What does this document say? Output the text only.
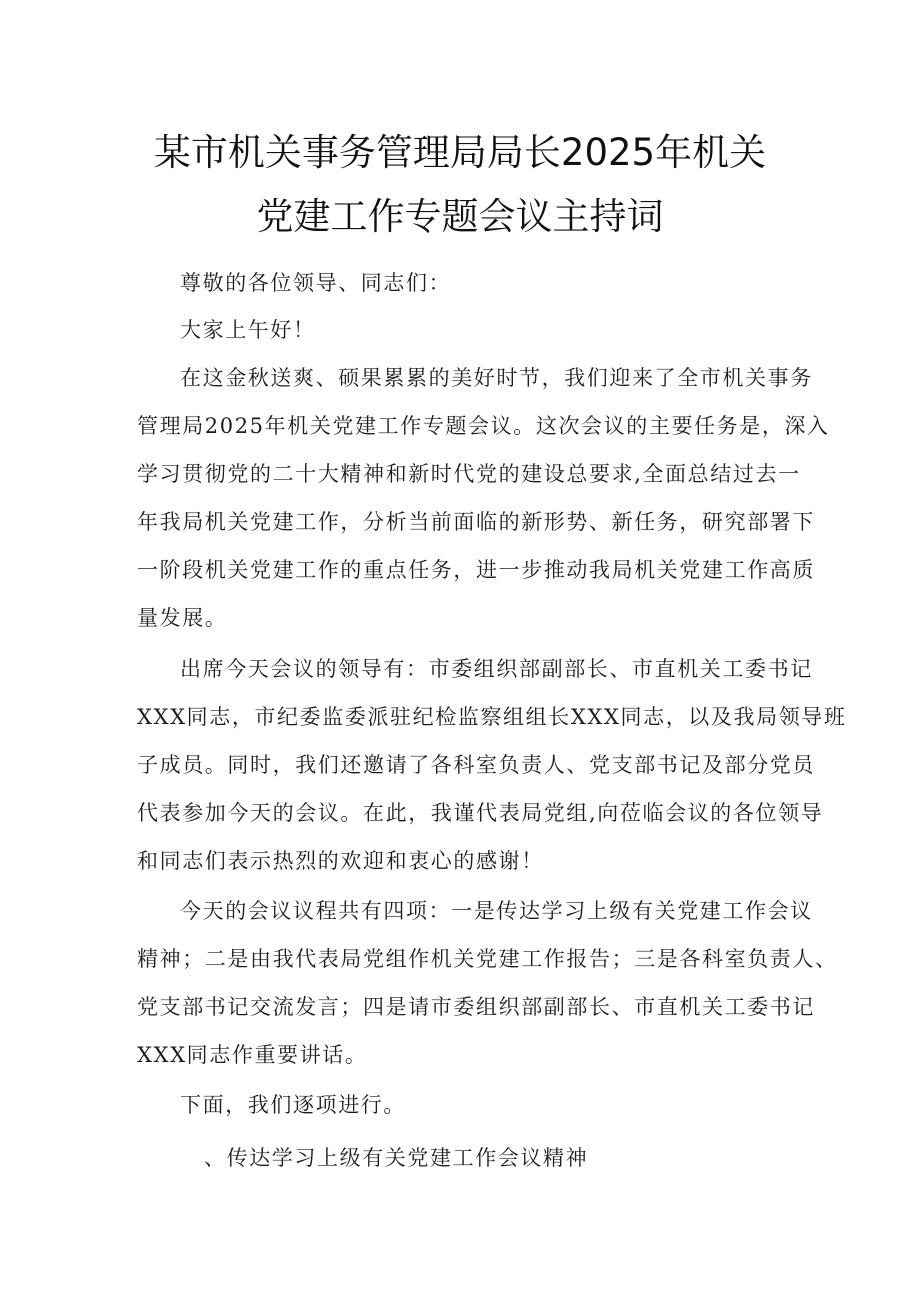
某市机关事务管理局局长2025年机关
党建工作专题会议主持词
尊敬的各位领导、同志们：
大家上午好！
在这金秋送爽、硕果累累的美好时节，我们迎来了全市机关事务
管理局2025年机关党建工作专题会议。这次会议的主要任务是，深入
学习贯彻党的二十大精神和新时代党的建设总要求,全面总结过去一
年我局机关党建工作，分析当前面临的新形势、新任务，研究部署下
一阶段机关党建工作的重点任务，进一步推动我局机关党建工作高质
量发展。
出席今天会议的领导有：市委组织部副部长、市直机关工委书记
XXX同志，市纪委监委派驻纪检监察组组长XXX同志，以及我局领导班
子成员。同时，我们还邀请了各科室负责人、党支部书记及部分党员
代表参加今天的会议。在此，我谨代表局党组,向莅临会议的各位领导
和同志们表示热烈的欢迎和衷心的感谢！
今天的会议议程共有四项：一是传达学习上级有关党建工作会议
精神；二是由我代表局党组作机关党建工作报告；三是各科室负责人、
党支部书记交流发言；四是请市委组织部副部长、市直机关工委书记
XXX同志作重要讲话。
下面，我们逐项进行。
、传达学习上级有关党建工作会议精神
